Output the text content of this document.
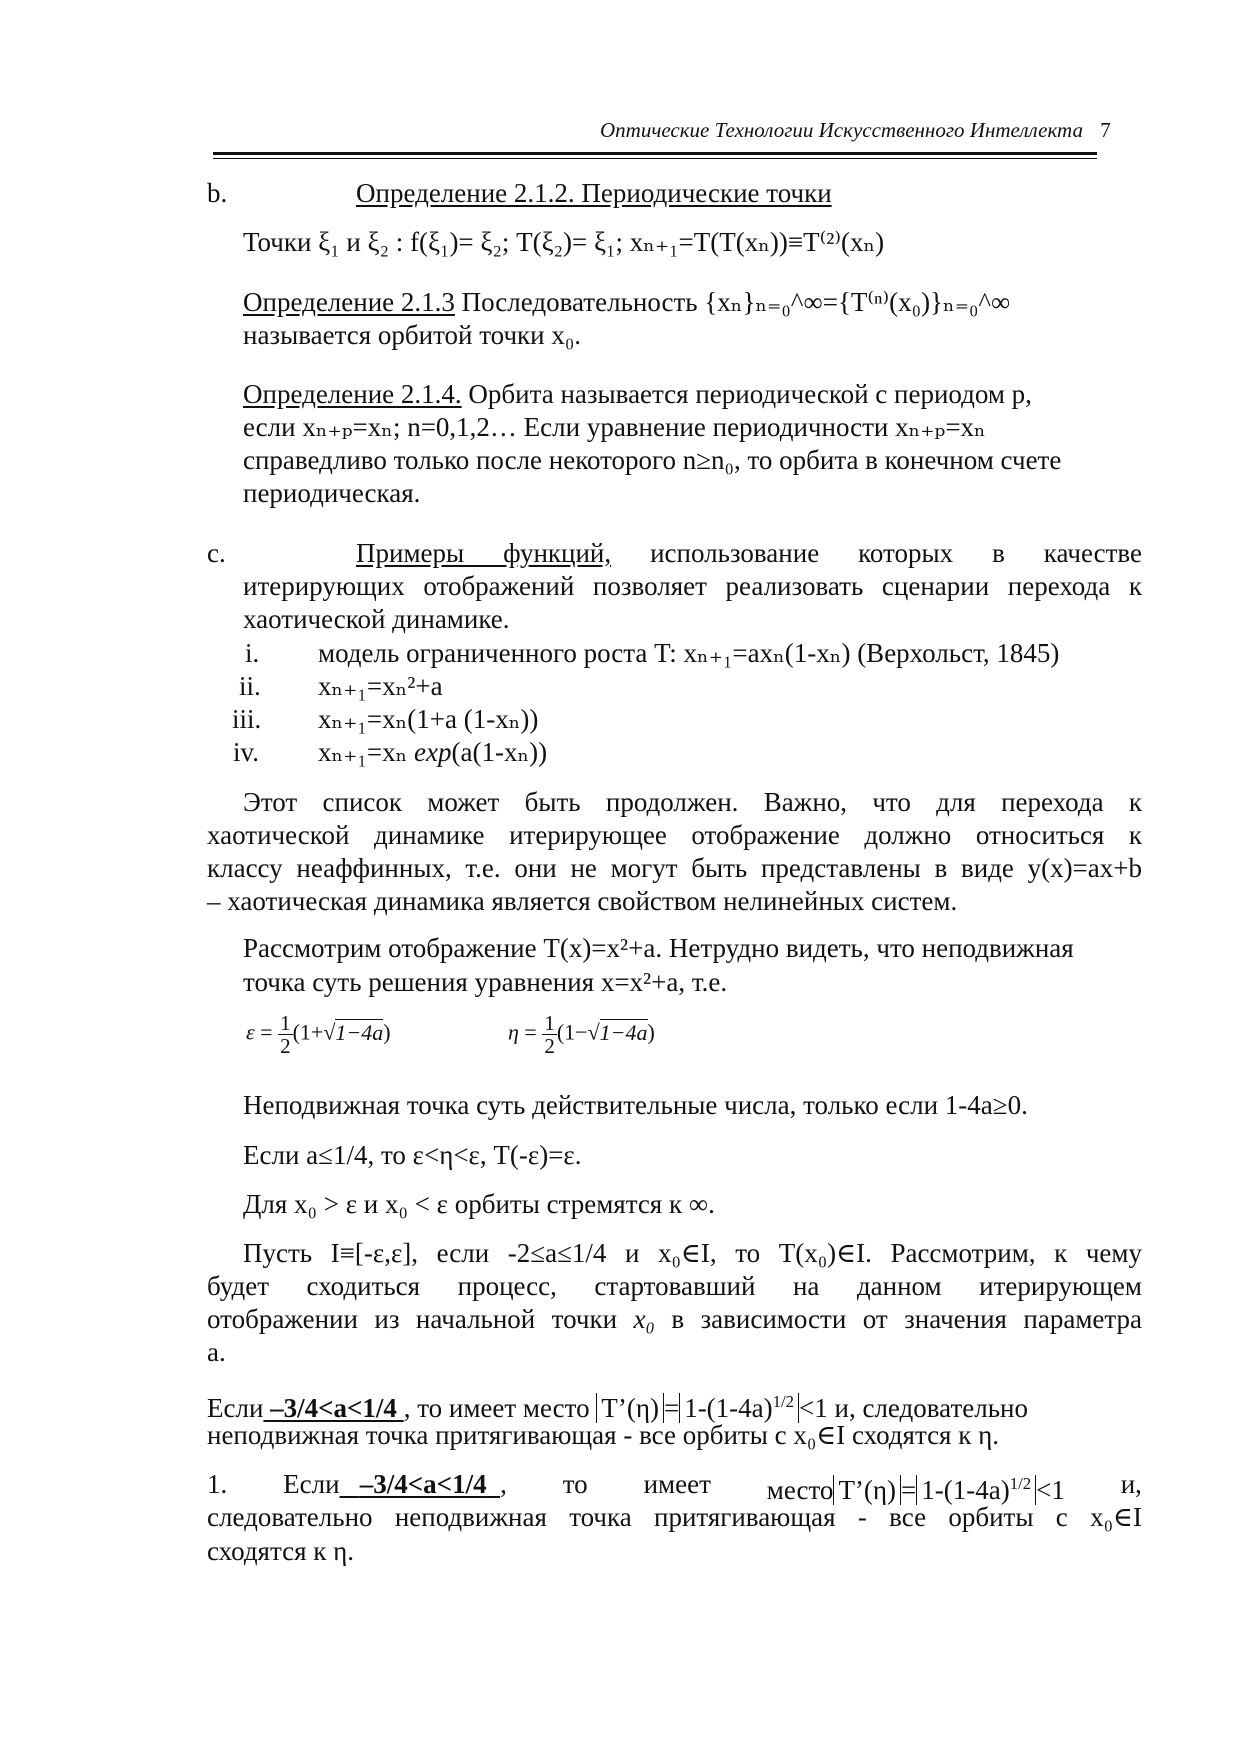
Оптические Технологии Искусственного Интеллекта 7
b.	Определение 2.1.2. Периодические точки
Точки ξ₁ и ξ₂ : f(ξ₁)= ξ₂; T(ξ₂)= ξ₁; xₙ₊₁=T(T(xₙ))≡T⁽²⁾(xₙ)
Определение 2.1.3 Последовательность {xₙ}ₙ₌₀^∞={T⁽ⁿ⁾(x₀)}ₙ₌₀^∞
называется орбитой точки x₀.
Определение 2.1.4. Орбита называется периодической с периодом p,
если xₙ₊ₚ=xₙ; n=0,1,2… Если уравнение периодичности xₙ₊ₚ=xₙ
справедливо только после некоторого n≥n₀, то орбита в конечном счете
периодическая.
c.	Примеры функций, использование которых в качестве
итерирующих отображений позволяет реализовать сценарии перехода к
хаотической динамике.
i. модель ограниченного роста T: xₙ₊₁=axₙ(1-xₙ) (Верхольст, 1845)
ii. xₙ₊₁=xₙ²+a
iii. xₙ₊₁=xₙ(1+a (1-xₙ))
iv. xₙ₊₁=xₙ exp(a(1-xₙ))
Этот список может быть продолжен. Важно, что для перехода к
хаотической динамике итерирующее отображение должно относиться к
классу неаффинных, т.е. они не могут быть представлены в виде y(x)=ax+b
– хаотическая динамика является свойством нелинейных систем.
Рассмотрим отображение T(x)=x²+a. Нетрудно видеть, что неподвижная
точка суть решения уравнения x=x²+a, т.е.
$\varepsilon = \frac{1}{2} (1+√1-4a)$	$\eta = \frac{1}{2} (1-√1-4a)$
Неподвижная точка суть действительные числа, только если 1-4a≥0.
Если a≤1/4, то ε<η<ε, T(-ε)=ε.
Для x₀ > ε и x₀ < ε орбиты стремятся к ∞.
Пусть I≡[-ε,ε], если -2≤a≤1/4 и x₀∈I, то T(x₀)∈I. Рассмотрим, к чему
будет сходиться процесс, стартовавший на данном итерирующем
отображении из начальной точки x₀ в зависимости от значения параметра
a.
Если –3/4<a<1/4 , то имеет место T’(η) = $1-(1-4a)^{1/2} <1$ и, следовательно
неподвижная точка притягивающая - все орбиты с x₀∈I сходятся к η.
1. Если –3/4<a<1/4 , то имеет место T’(η) = $1-(1-4a)^{1/2} <1$ и,
следовательно неподвижная точка притягивающая - все орбиты с x₀∈I
сходятся к η.
